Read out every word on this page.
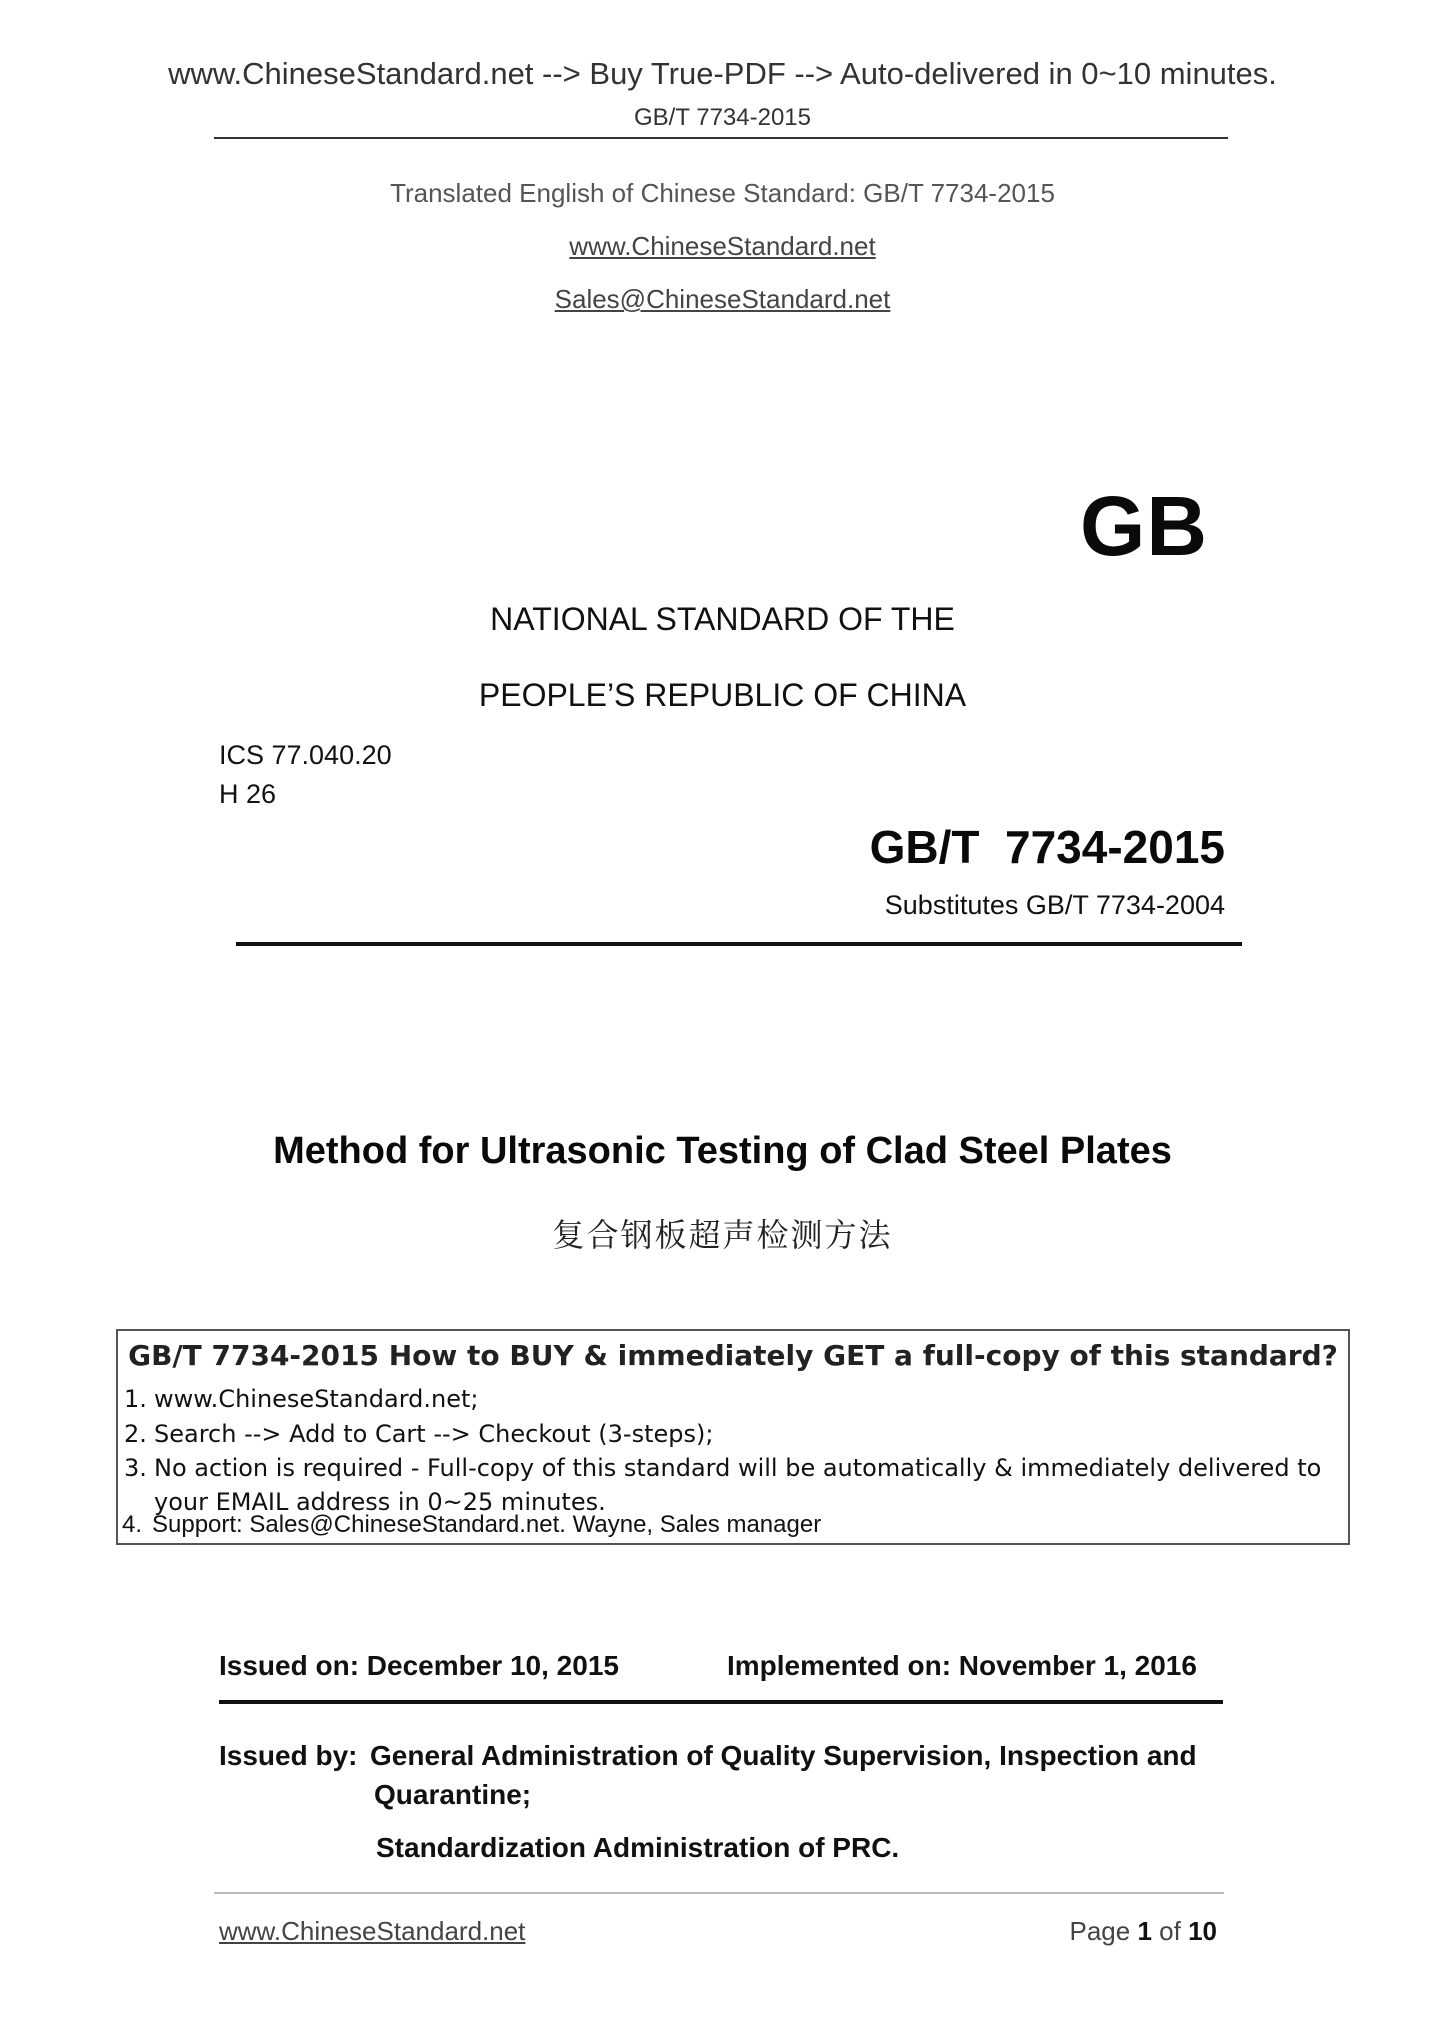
www.ChineseStandard.net --> Buy True-PDF --> Auto-delivered in 0~10 minutes.
GB/T 7734-2015
Translated English of Chinese Standard: GB/T 7734-2015
www.ChineseStandard.net
Sales@ChineseStandard.net
GB
NATIONAL STANDARD OF THE
PEOPLE’S REPUBLIC OF CHINA
ICS 77.040.20
H 26
GB/T  7734-2015
Substitutes GB/T 7734-2004
Method for Ultrasonic Testing of Clad Steel Plates
复合钢板超声检测方法
GB/T 7734-2015 How to BUY & immediately GET a full-copy of this standard?
1. www.ChineseStandard.net;
2. Search --> Add to Cart --> Checkout (3-steps);
3. No action is required - Full-copy of this standard will be automatically & immediately delivered to
your EMAIL address in 0~25 minutes.
4. Support: Sales@ChineseStandard.net. Wayne, Sales manager
Issued on: December 10, 2015	Implemented on: November 1, 2016
Issued by: General Administration of Quality Supervision, Inspection and
Quarantine;
Standardization Administration of PRC.
www.ChineseStandard.net	Page 1 of 10
